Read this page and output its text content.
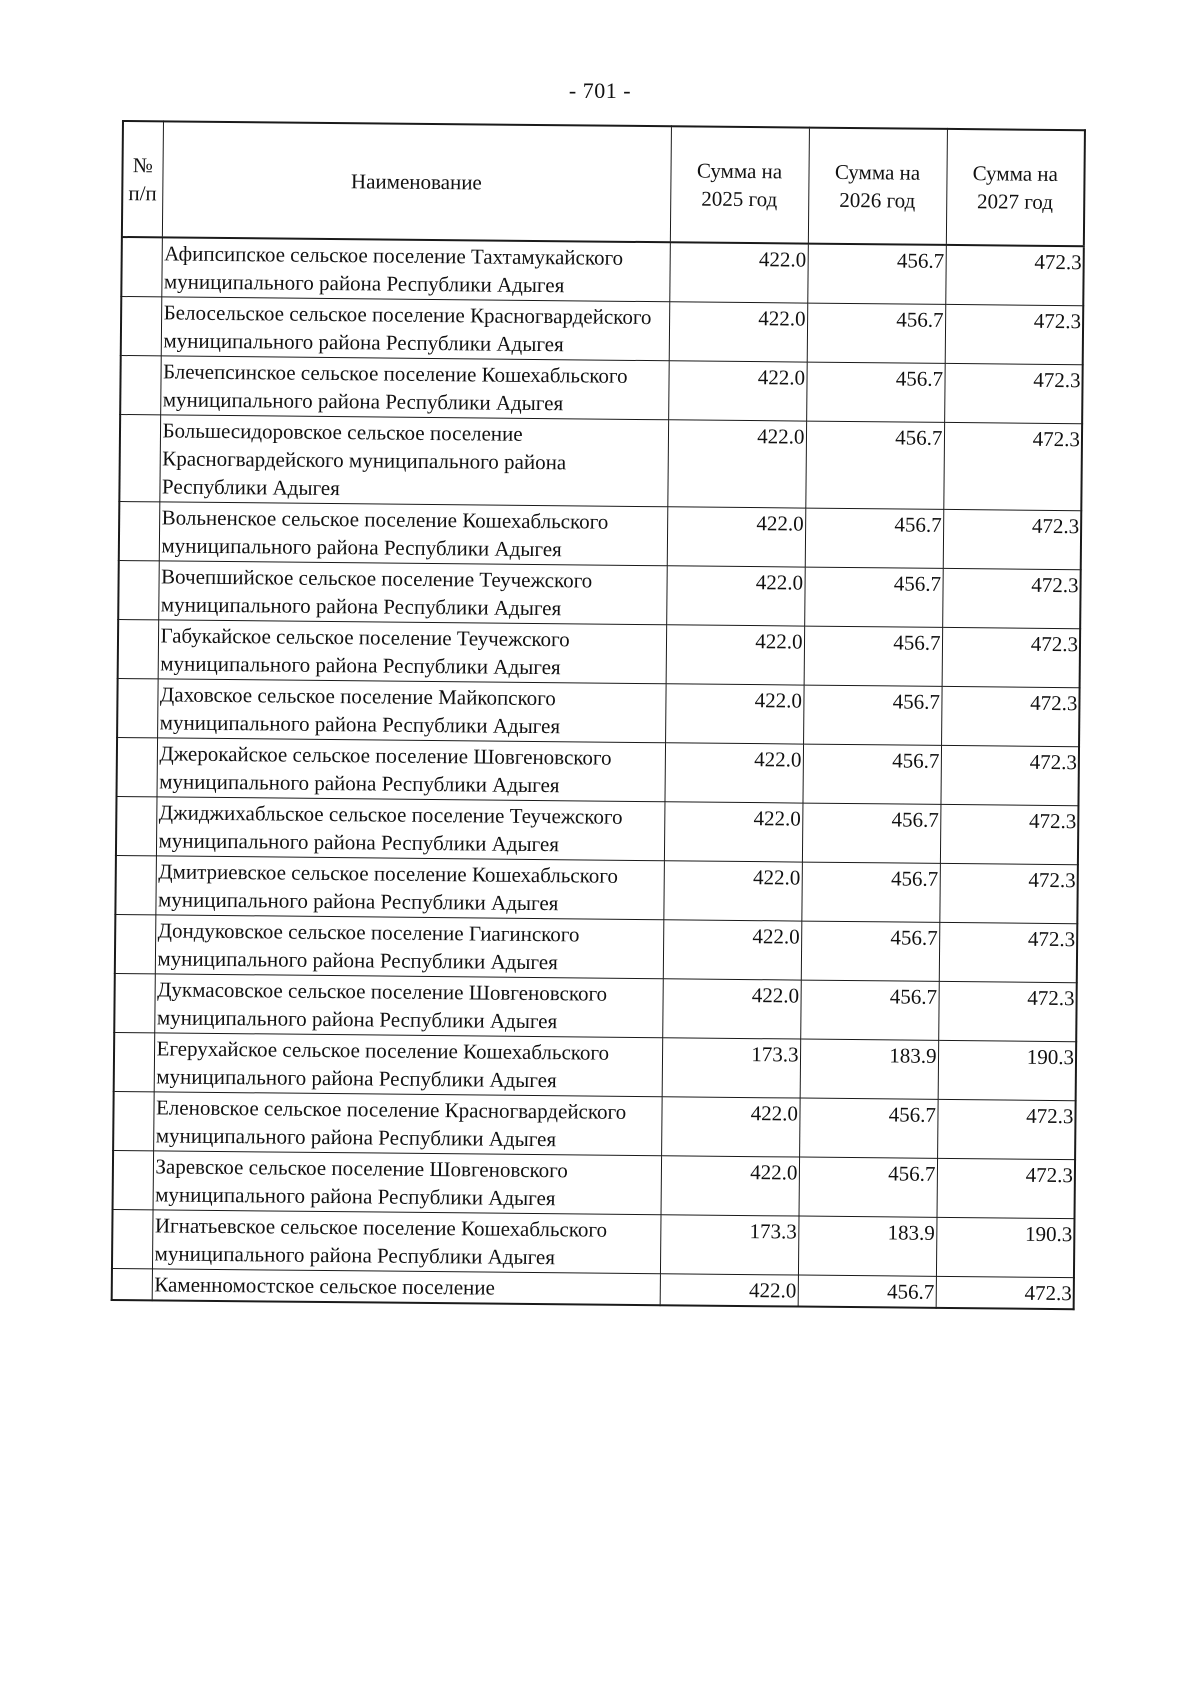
- 701 -
№ п/п	Наименование	Сумма на 2025 год	Сумма на 2026 год	Сумма на 2027 год
	Афипсипское сельское поселение Тахтамукайского муниципального района Республики Адыгея	422.0	456.7	472.3
	Белосельское сельское поселение Красногвардейского муниципального района Республики Адыгея	422.0	456.7	472.3
	Блечепсинское сельское поселение Кошехабльского муниципального района Республики Адыгея	422.0	456.7	472.3
	Большесидоровское сельское поселение Красногвардейского муниципального района Республики Адыгея	422.0	456.7	472.3
	Вольненское сельское поселение Кошехабльского муниципального района Республики Адыгея	422.0	456.7	472.3
	Вочепшийское сельское поселение Теучежского муниципального района Республики Адыгея	422.0	456.7	472.3
	Габукайское сельское поселение Теучежского муниципального района Республики Адыгея	422.0	456.7	472.3
	Даховское сельское поселение Майкопского муниципального района Республики Адыгея	422.0	456.7	472.3
	Джерокайское сельское поселение Шовгеновского муниципального района Республики Адыгея	422.0	456.7	472.3
	Джиджихабльское сельское поселение Теучежского муниципального района Республики Адыгея	422.0	456.7	472.3
	Дмитриевское сельское поселение Кошехабльского муниципального района Республики Адыгея	422.0	456.7	472.3
	Дондуковское сельское поселение Гиагинского муниципального района Республики Адыгея	422.0	456.7	472.3
	Дукмасовское сельское поселение Шовгеновского муниципального района Республики Адыгея	422.0	456.7	472.3
	Егерухайское сельское поселение Кошехабльского муниципального района Республики Адыгея	173.3	183.9	190.3
	Еленовское сельское поселение Красногвардейского муниципального района Республики Адыгея	422.0	456.7	472.3
	Заревское сельское поселение Шовгеновского муниципального района Республики Адыгея	422.0	456.7	472.3
	Игнатьевское сельское поселение Кошехабльского муниципального района Республики Адыгея	173.3	183.9	190.3
	Каменномостское сельское поселение	422.0	456.7	472.3
